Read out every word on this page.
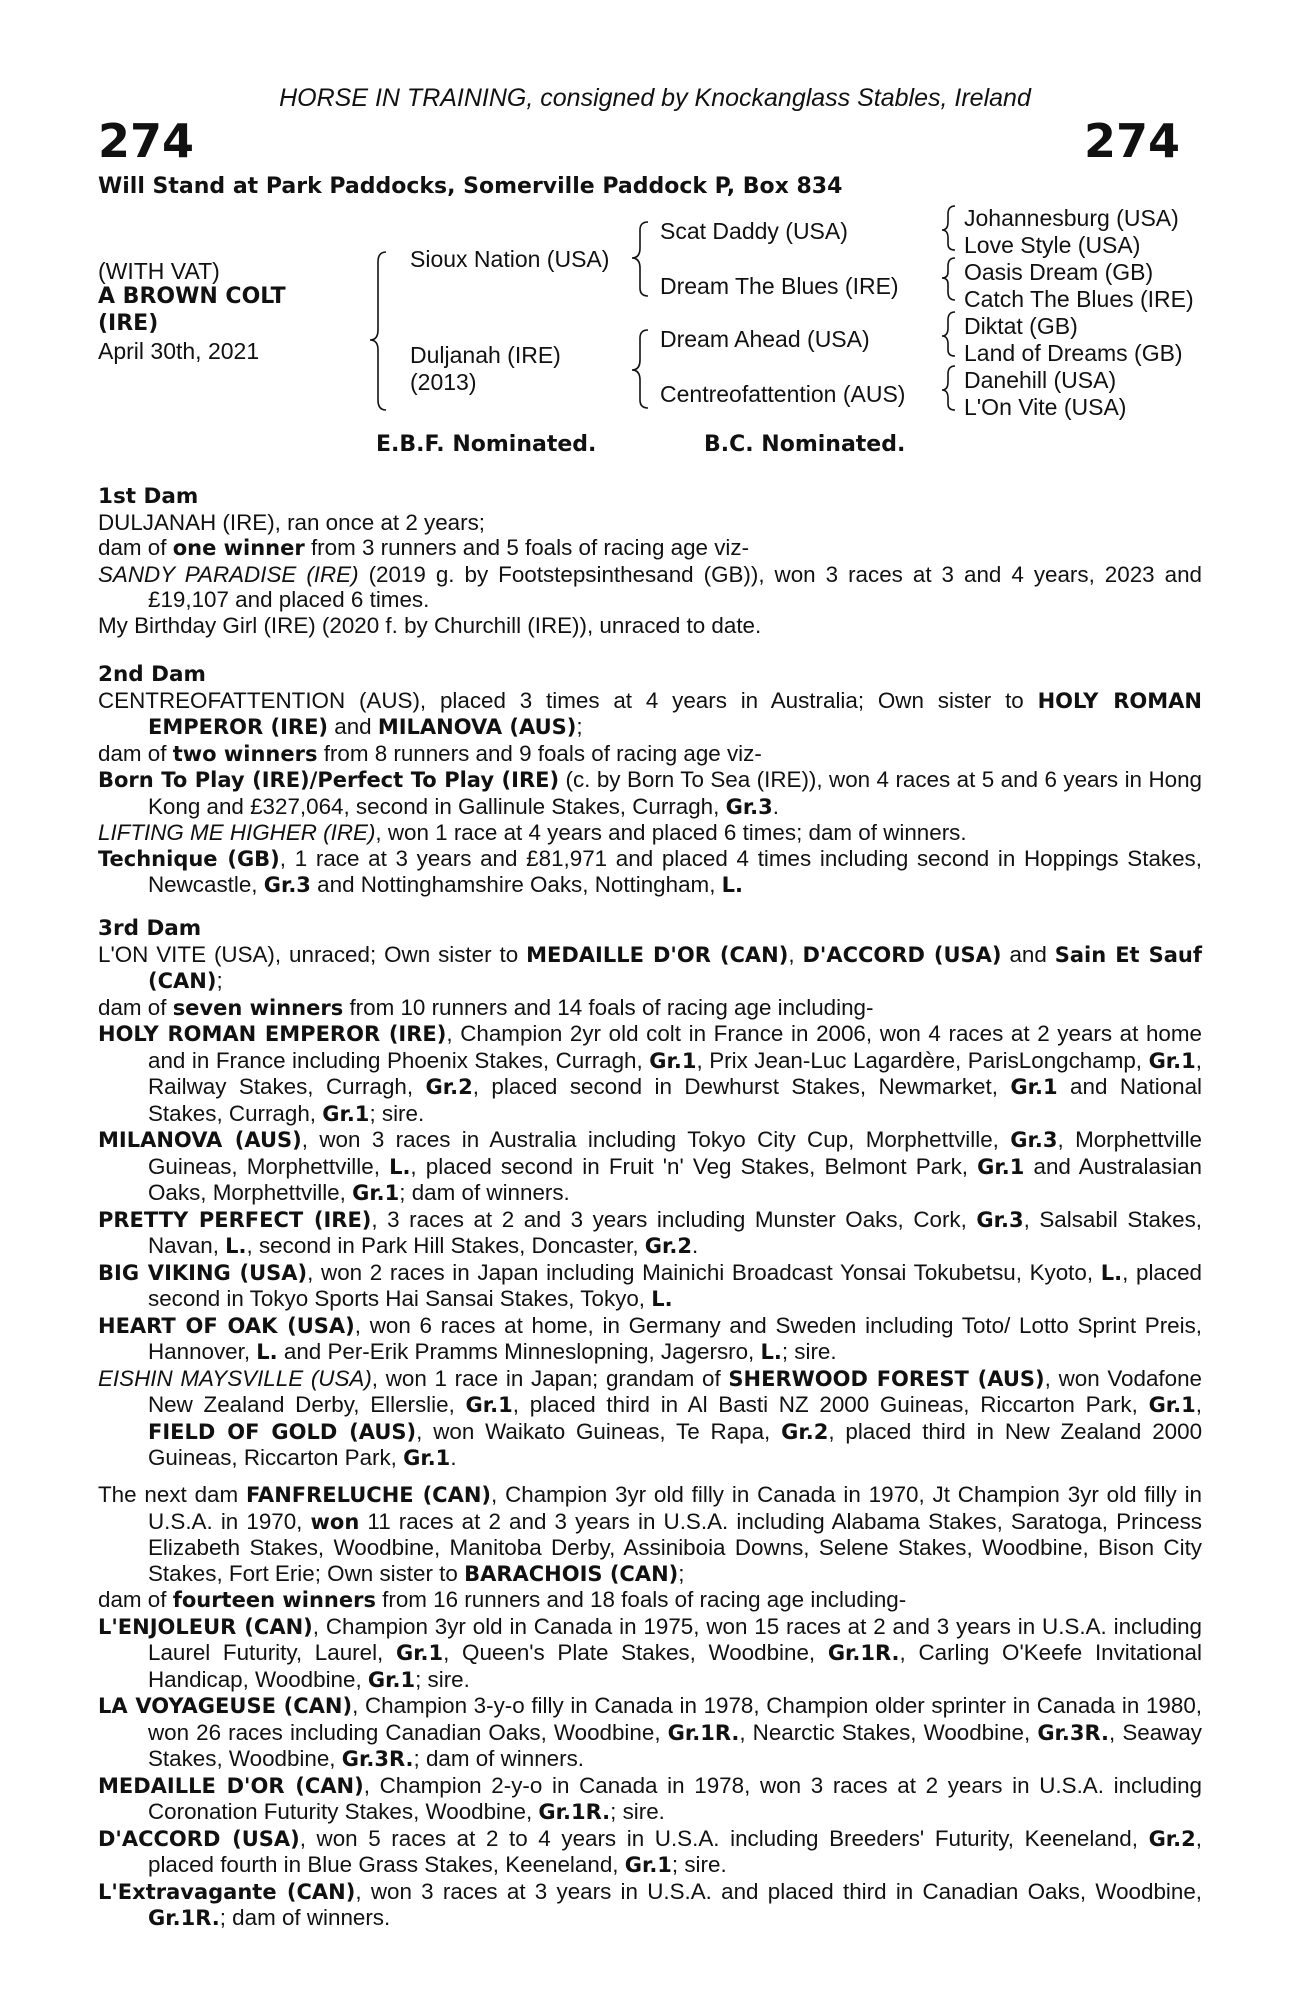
HORSE IN TRAINING, consigned by Knockanglass Stables, Ireland
274	274
Will Stand at Park Paddocks, Somerville Paddock P, Box 834
(WITH VAT)
A BROWN COLT
(IRE)
April 30th, 2021
Sioux Nation (USA)
Duljanah (IRE)
(2013)
Scat Daddy (USA)
Dream The Blues (IRE)
Dream Ahead (USA)
Centreofattention (AUS)
Johannesburg (USA)
Love Style (USA)
Oasis Dream (GB)
Catch The Blues (IRE)
Diktat (GB)
Land of Dreams (GB)
Danehill (USA)
L'On Vite (USA)
E.B.F. Nominated.	B.C. Nominated.

1st Dam

DULJANAH (IRE), ran once at 2 years;

dam of one winner from 3 runners and 5 foals of racing age viz-

SANDY PARADISE (IRE) (2019 g. by Footstepsinthesand (GB)), won 3 races at 3 and 4 years, 2023 and £19,107 and placed 6 times.

My Birthday Girl (IRE) (2020 f. by Churchill (IRE)), unraced to date.

2nd Dam

CENTREOFATTENTION (AUS), placed 3 times at 4 years in Australia; Own sister to HOLY ROMAN EMPEROR (IRE) and MILANOVA (AUS);

dam of two winners from 8 runners and 9 foals of racing age viz-

Born To Play (IRE)/Perfect To Play (IRE) (c. by Born To Sea (IRE)), won 4 races at 5 and 6 years in Hong Kong and £327,064, second in Gallinule Stakes, Curragh, Gr.3.

LIFTING ME HIGHER (IRE), won 1 race at 4 years and placed 6 times; dam of winners.

Technique (GB), 1 race at 3 years and £81,971 and placed 4 times including second in Hoppings Stakes, Newcastle, Gr.3 and Nottinghamshire Oaks, Nottingham, L.

3rd Dam

L'ON VITE (USA), unraced; Own sister to MEDAILLE D'OR (CAN), D'ACCORD (USA) and Sain Et Sauf (CAN);

dam of seven winners from 10 runners and 14 foals of racing age including-

HOLY ROMAN EMPEROR (IRE), Champion 2yr old colt in France in 2006, won 4 races at 2 years at home and in France including Phoenix Stakes, Curragh, Gr.1, Prix Jean-Luc Lagardère, ParisLongchamp, Gr.1, Railway Stakes, Curragh, Gr.2, placed second in Dewhurst Stakes, Newmarket, Gr.1 and National Stakes, Curragh, Gr.1; sire.

MILANOVA (AUS), won 3 races in Australia including Tokyo City Cup, Morphettville, Gr.3, Morphettville Guineas, Morphettville, L., placed second in Fruit 'n' Veg Stakes, Belmont Park, Gr.1 and Australasian Oaks, Morphettville, Gr.1; dam of winners.

PRETTY PERFECT (IRE), 3 races at 2 and 3 years including Munster Oaks, Cork, Gr.3, Salsabil Stakes, Navan, L., second in Park Hill Stakes, Doncaster, Gr.2.

BIG VIKING (USA), won 2 races in Japan including Mainichi Broadcast Yonsai Tokubetsu, Kyoto, L., placed second in Tokyo Sports Hai Sansai Stakes, Tokyo, L.

HEART OF OAK (USA), won 6 races at home, in Germany and Sweden including Toto/ Lotto Sprint Preis, Hannover, L. and Per-Erik Pramms Minneslopning, Jagersro, L.; sire.

EISHIN MAYSVILLE (USA), won 1 race in Japan; grandam of SHERWOOD FOREST (AUS), won Vodafone New Zealand Derby, Ellerslie, Gr.1, placed third in Al Basti NZ 2000 Guineas, Riccarton Park, Gr.1, FIELD OF GOLD (AUS), won Waikato Guineas, Te Rapa, Gr.2, placed third in New Zealand 2000 Guineas, Riccarton Park, Gr.1.

The next dam FANFRELUCHE (CAN), Champion 3yr old filly in Canada in 1970, Jt Champion 3yr old filly in U.S.A. in 1970, won 11 races at 2 and 3 years in U.S.A. including Alabama Stakes, Saratoga, Princess Elizabeth Stakes, Woodbine, Manitoba Derby, Assiniboia Downs, Selene Stakes, Woodbine, Bison City Stakes, Fort Erie; Own sister to BARACHOIS (CAN);

dam of fourteen winners from 16 runners and 18 foals of racing age including-

L'ENJOLEUR (CAN), Champion 3yr old in Canada in 1975, won 15 races at 2 and 3 years in U.S.A. including Laurel Futurity, Laurel, Gr.1, Queen's Plate Stakes, Woodbine, Gr.1R., Carling O'Keefe Invitational Handicap, Woodbine, Gr.1; sire.

LA VOYAGEUSE (CAN), Champion 3-y-o filly in Canada in 1978, Champion older sprinter in Canada in 1980, won 26 races including Canadian Oaks, Woodbine, Gr.1R., Nearctic Stakes, Woodbine, Gr.3R., Seaway Stakes, Woodbine, Gr.3R.; dam of winners.

MEDAILLE D'OR (CAN), Champion 2-y-o in Canada in 1978, won 3 races at 2 years in U.S.A. including Coronation Futurity Stakes, Woodbine, Gr.1R.; sire.

D'ACCORD (USA), won 5 races at 2 to 4 years in U.S.A. including Breeders' Futurity, Keeneland, Gr.2, placed fourth in Blue Grass Stakes, Keeneland, Gr.1; sire.

L'Extravagante (CAN), won 3 races at 3 years in U.S.A. and placed third in Canadian Oaks, Woodbine, Gr.1R.; dam of winners.
